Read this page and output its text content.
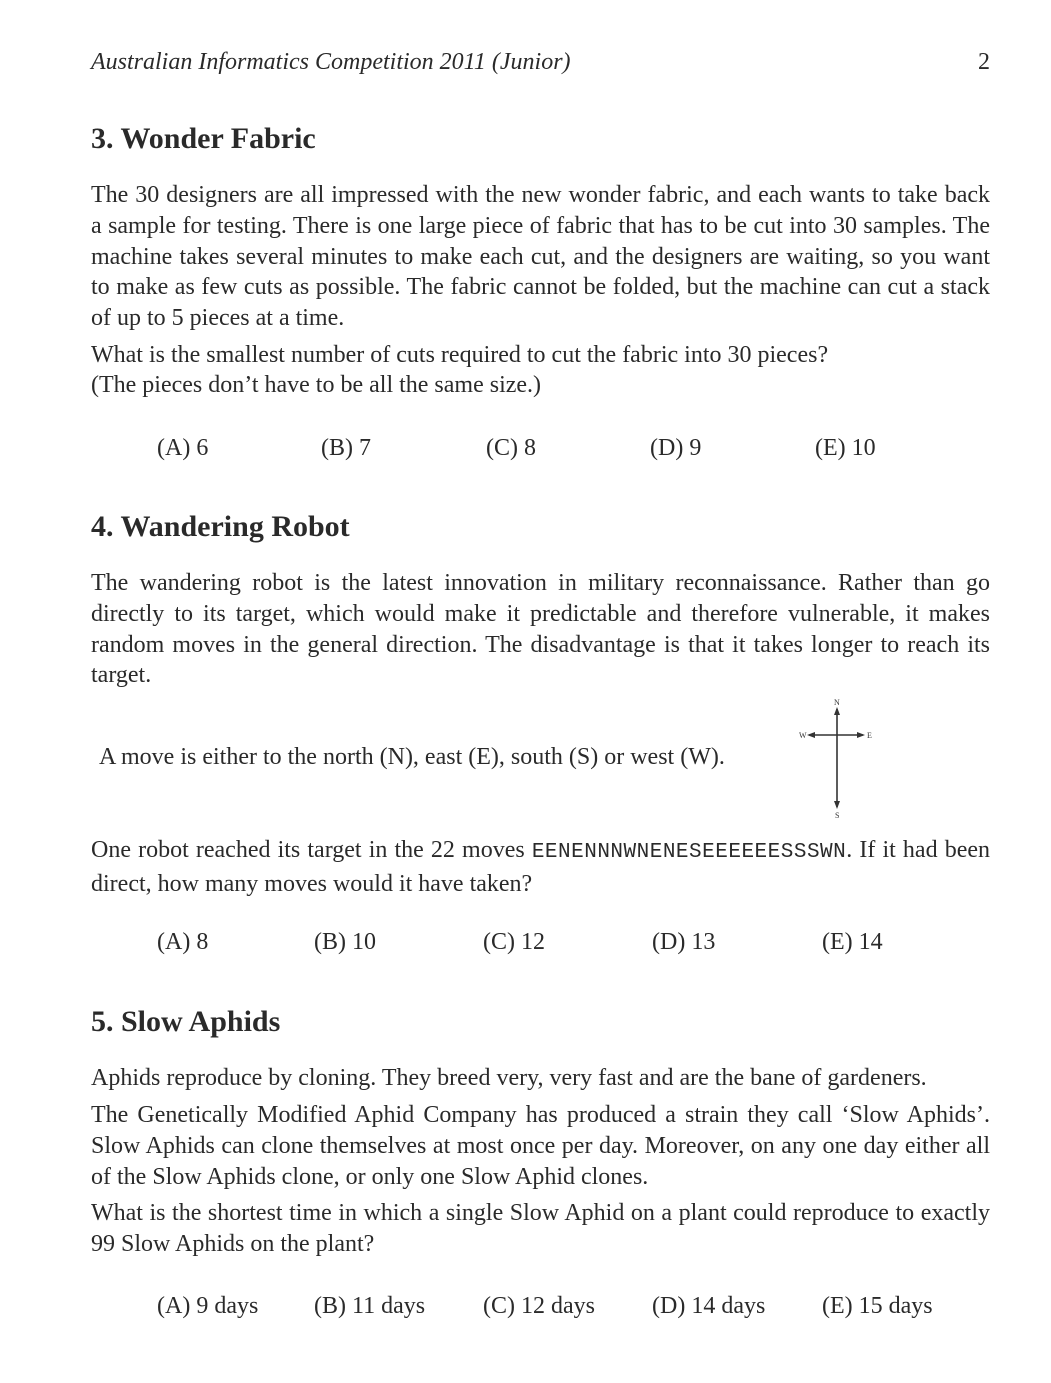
Australian Informatics Competition 2011 (Junior)	2
3. Wonder Fabric
The 30 designers are all impressed with the new wonder fabric, and each wants to take back a sample for testing. There is one large piece of fabric that has to be cut into 30 samples. The machine takes several minutes to make each cut, and the designers are waiting, so you want to make as few cuts as possible. The fabric cannot be folded, but the machine can cut a stack of up to 5 pieces at a time.
What is the smallest number of cuts required to cut the fabric into 30 pieces?
(The pieces don’t have to be all the same size.)
(A) 6	(B) 7	(C) 8	(D) 9	(E) 10
4. Wandering Robot
The wandering robot is the latest innovation in military reconnaissance. Rather than go directly to its target, which would make it predictable and therefore vulnerable, it makes random moves in the general direction. The disadvantage is that it takes longer to reach its target.
A move is either to the north (N), east (E), south (S) or west (W).
One robot reached its target in the 22 moves EENENNNWNENESEEEEEESSSWN. If it had been direct, how many moves would it have taken?
(A) 8	(B) 10	(C) 12	(D) 13	(E) 14
5. Slow Aphids
Aphids reproduce by cloning. They breed very, very fast and are the bane of gardeners.
The Genetically Modified Aphid Company has produced a strain they call ‘Slow Aphids’. Slow Aphids can clone themselves at most once per day. Moreover, on any one day either all of the Slow Aphids clone, or only one Slow Aphid clones.
What is the shortest time in which a single Slow Aphid on a plant could reproduce to exactly 99 Slow Aphids on the plant?
(A) 9 days (B) 11 days (C) 12 days (D) 14 days (E) 15 days
N
E
S
W
